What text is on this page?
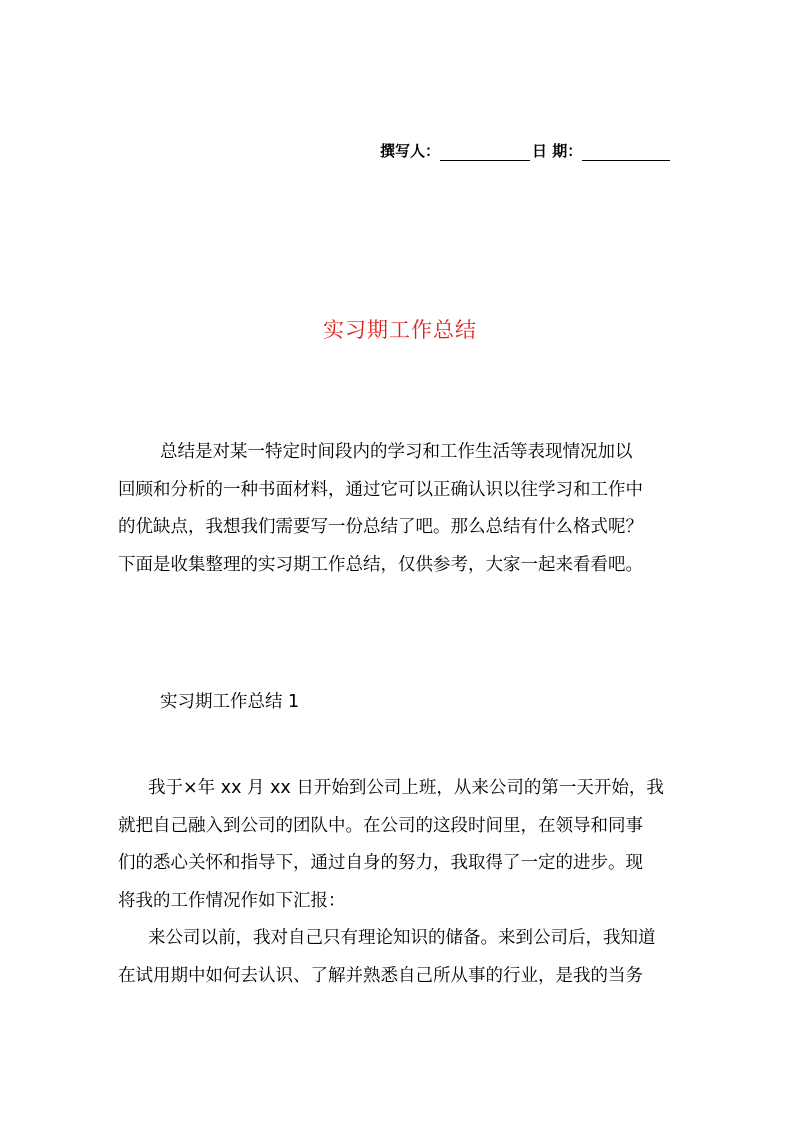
撰写人：	日 期：
实习期工作总结
总结是对某一特定时间段内的学习和工作生活等表现情况加以
回顾和分析的一种书面材料，通过它可以正确认识以往学习和工作中
的优缺点，我想我们需要写一份总结了吧。那么总结有什么格式呢？
下面是收集整理的实习期工作总结，仅供参考，大家一起来看看吧。
实习期工作总结 1
我于×年 xx 月 xx 日开始到公司上班，从来公司的第一天开始，我
就把自己融入到公司的团队中。在公司的这段时间里，在领导和同事
们的悉心关怀和指导下，通过自身的努力，我取得了一定的进步。现
将我的工作情况作如下汇报：
来公司以前，我对自己只有理论知识的储备。来到公司后，我知道
在试用期中如何去认识、了解并熟悉自己所从事的行业，是我的当务
